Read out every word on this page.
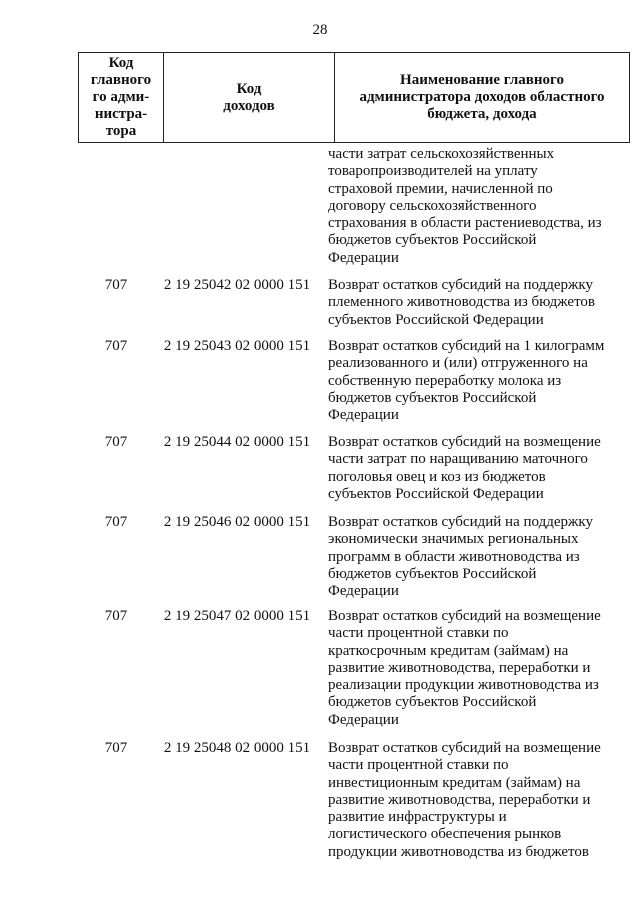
28
Код
главного
го адми-
нистра-
тора

Код
доходов

Наименование главного
администратора доходов областного
бюджета, дохода
части затрат сельскохозяйственных
товаропроизводителей на уплату
страховой премии, начисленной по
договору сельскохозяйственного
страхования в области растениеводства, из
бюджетов субъектов Российской
Федерации
707	2 19 25042 02 0000 151	Возврат остатков субсидий на поддержку
племенного животноводства из бюджетов
субъектов Российской Федерации
707	2 19 25043 02 0000 151	Возврат остатков субсидий на 1 килограмм
реализованного и (или) отгруженного на
собственную переработку молока из
бюджетов субъектов Российской
Федерации
707	2 19 25044 02 0000 151	Возврат остатков субсидий на возмещение
части затрат по наращиванию маточного
поголовья овец и коз из бюджетов
субъектов Российской Федерации
707	2 19 25046 02 0000 151	Возврат остатков субсидий на поддержку
экономически значимых региональных
программ в области животноводства из
бюджетов субъектов Российской
Федерации
707	2 19 25047 02 0000 151	Возврат остатков субсидий на возмещение
части процентной ставки по
краткосрочным кредитам (займам) на
развитие животноводства, переработки и
реализации продукции животноводства из
бюджетов субъектов Российской
Федерации
707	2 19 25048 02 0000 151	Возврат остатков субсидий на возмещение
части процентной ставки по
инвестиционным кредитам (займам) на
развитие животноводства, переработки и
развитие инфраструктуры и
логистического обеспечения рынков
продукции животноводства из бюджетов
